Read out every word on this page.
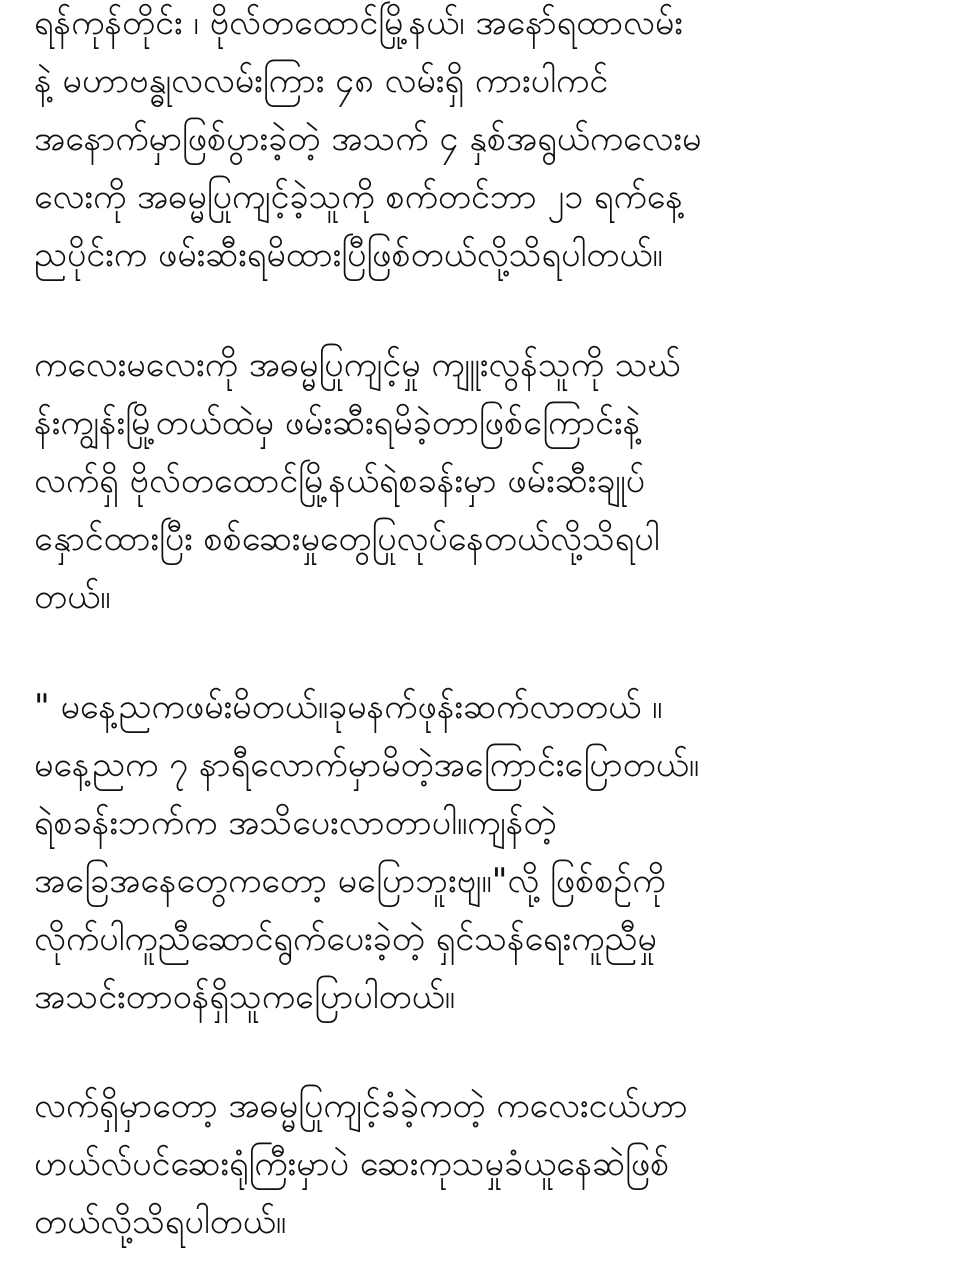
ရန်ကုန်တိုင်း ၊ ဗိုလ်တထောင်မြို့နယ်၊ အနော်ရထာလမ်း
နဲ့ မဟာဗန္ဓုလလမ်းကြား ၄၈ လမ်းရှိ ကားပါကင်
အနောက်မှာဖြစ်ပွားခဲ့တဲ့ အသက် ၄ နှစ်အရွယ်ကလေးမ
လေးကို အဓမ္မပြုကျင့်ခဲ့သူကို စက်တင်ဘာ ၂၁ ရက်နေ့
ညပိုင်းက ဖမ်းဆီးရမိထားပြီဖြစ်တယ်လို့သိရပါတယ်။
ကလေးမလေးကို အဓမ္မပြုကျင့်မှု ကျူးလွန်သူကို သဃ်
န်းကျွန်းမြို့တယ်ထဲမှ ဖမ်းဆီးရမိခဲ့တာဖြစ်ကြောင်းနဲ့
လက်ရှိ ဗိုလ်တထောင်မြို့နယ်ရဲစခန်းမှာ ဖမ်းဆီးချုပ်
နှောင်ထားပြီး စစ်ဆေးမှုတွေပြုလုပ်နေတယ်လို့သိရပါ
တယ်။
" မနေ့ညကဖမ်းမိတယ်။ခုမနက်ဖုန်းဆက်လာတယ် ။
မနေ့ညက ၇ နာရီလောက်မှာမိတဲ့အကြောင်းပြောတယ်။
ရဲစခန်းဘက်က အသိပေးလာတာပါ။ကျန်တဲ့
အခြေအနေတွေကတော့ မပြောဘူးဗျ။"လို့ ဖြစ်စဉ်ကို
လိုက်ပါကူညီဆောင်ရွက်ပေးခဲ့တဲ့ ရှင်သန်ရေးကူညီမှု
အသင်းတာဝန်ရှိသူကပြောပါတယ်။
လက်ရှိမှာတော့ အဓမ္မပြုကျင့်ခံခဲ့ကတဲ့ ကလေးငယ်ဟာ
ဟယ်လ်ပင်ဆေးရုံကြီးမှာပဲ ဆေးကုသမှုခံယူနေဆဲဖြစ်
တယ်လို့သိရပါတယ်။
